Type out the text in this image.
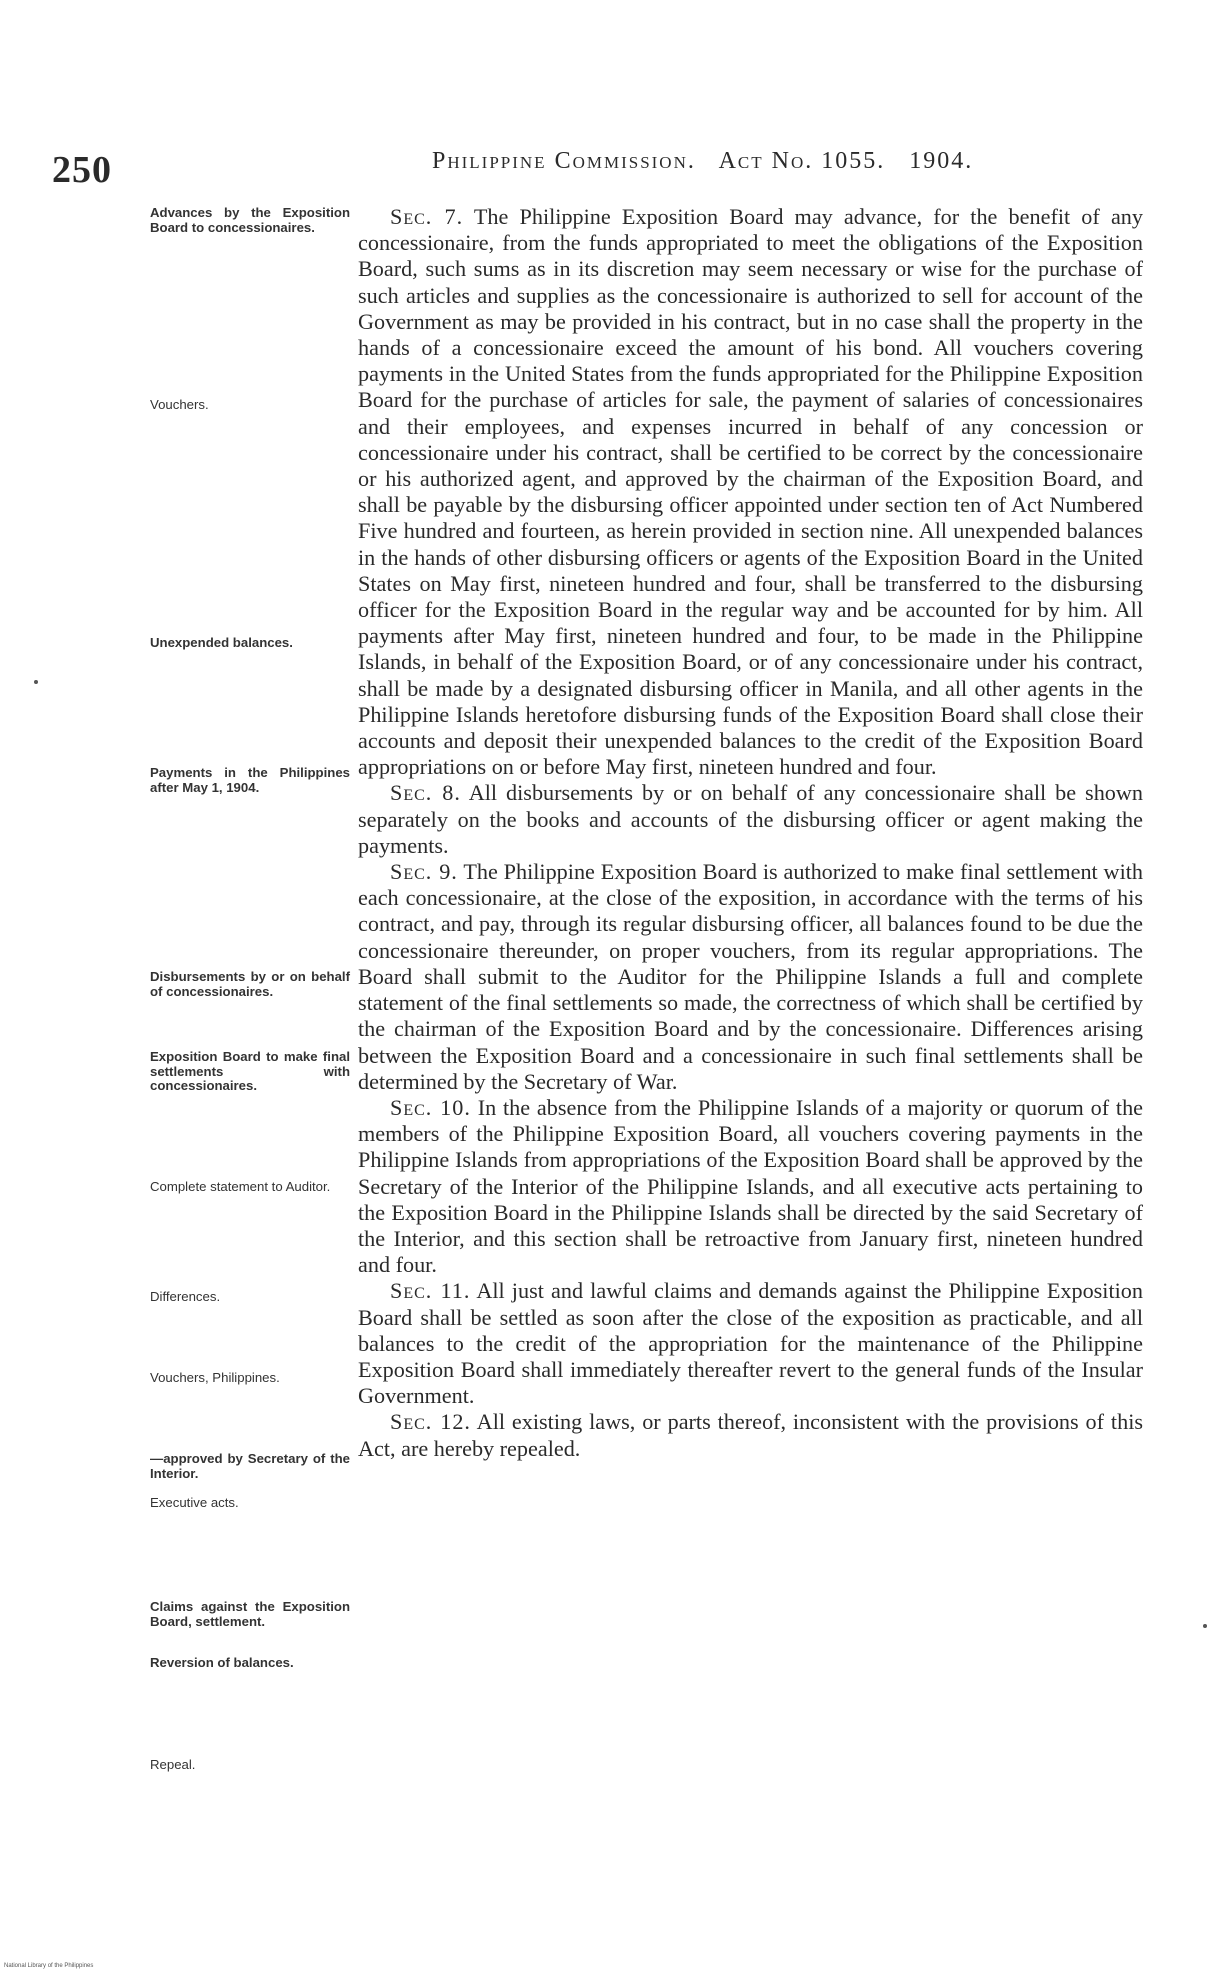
250	Philippine Commission. Act No. 1055. 1904.
Advances by the Exposition Board to concessionaires.
Vouchers.
Unexpended balances.
Payments in the Philippines after May 1, 1904.
Disbursements by or on behalf of concessionaires.
Exposition Board to make final settlements with concessionaires.
Complete statement to Auditor.
Differences.
Vouchers, Philippines.
—approved by Secretary of the Interior.
Executive acts.
Claims against the Exposition Board, settlement.
Reversion of balances.
Repeal.

Sec. 7. The Philippine Exposition Board may advance, for the benefit of any concessionaire, from the funds appropriated to meet the obligations of the Exposition Board, such sums as in its discretion may seem necessary or wise for the purchase of such articles and supplies as the concessionaire is authorized to sell for account of the Government as may be provided in his contract, but in no case shall the property in the hands of a concessionaire exceed the amount of his bond. All vouchers covering payments in the United States from the funds appropriated for the Philippine Exposition Board for the purchase of articles for sale, the payment of salaries of concessionaires and their employees, and expenses incurred in behalf of any concession or concessionaire under his contract, shall be certified to be correct by the concessionaire or his authorized agent, and approved by the chairman of the Exposition Board, and shall be payable by the disbursing officer appointed under section ten of Act Numbered Five hundred and fourteen, as herein provided in section nine. All unexpended balances in the hands of other disbursing officers or agents of the Exposition Board in the United States on May first, nineteen hundred and four, shall be transferred to the disbursing officer for the Exposition Board in the regular way and be accounted for by him. All payments after May first, nineteen hundred and four, to be made in the Philippine Islands, in behalf of the Exposition Board, or of any concessionaire under his contract, shall be made by a designated disbursing officer in Manila, and all other agents in the Philippine Islands heretofore disbursing funds of the Exposition Board shall close their accounts and deposit their unexpended balances to the credit of the Exposition Board appropriations on or before May first, nineteen hundred and four.

Sec. 8. All disbursements by or on behalf of any concessionaire shall be shown separately on the books and accounts of the disbursing officer or agent making the payments.

Sec. 9. The Philippine Exposition Board is authorized to make final settlement with each concessionaire, at the close of the exposition, in accordance with the terms of his contract, and pay, through its regular disbursing officer, all balances found to be due the concessionaire thereunder, on proper vouchers, from its regular appropriations. The Board shall submit to the Auditor for the Philippine Islands a full and complete statement of the final settlements so made, the correctness of which shall be certified by the chairman of the Exposition Board and by the concessionaire. Differences arising between the Exposition Board and a concessionaire in such final settlements shall be determined by the Secretary of War.

Sec. 10. In the absence from the Philippine Islands of a majority or quorum of the members of the Philippine Exposition Board, all vouchers covering payments in the Philippine Islands from appropriations of the Exposition Board shall be approved by the Secretary of the Interior of the Philippine Islands, and all executive acts pertaining to the Exposition Board in the Philippine Islands shall be directed by the said Secretary of the Interior, and this section shall be retroactive from January first, nineteen hundred and four.

Sec. 11. All just and lawful claims and demands against the Philippine Exposition Board shall be settled as soon after the close of the exposition as practicable, and all balances to the credit of the appropriation for the maintenance of the Philippine Exposition Board shall immediately thereafter revert to the general funds of the Insular Government.

Sec. 12. All existing laws, or parts thereof, inconsistent with the provisions of this Act, are hereby repealed.

National Library of the Philippines
